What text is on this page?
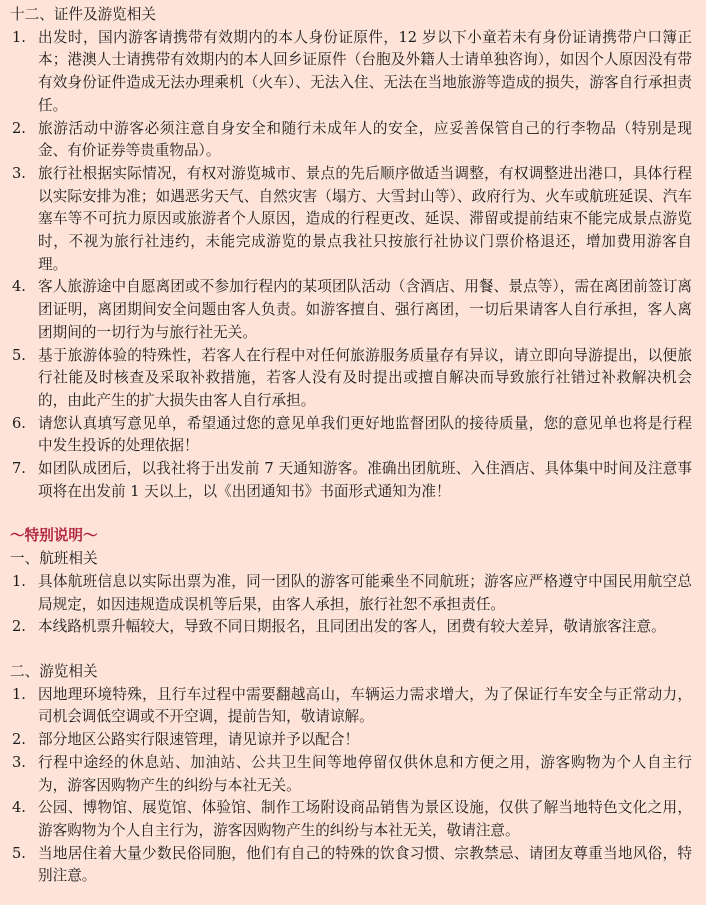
十二、证件及游览相关
1. 出发时，国内游客请携带有效期内的本人身份证原件，12 岁以下小童若未有身份证请携带户口簿正本；港澳人士请携带有效期内的本人回乡证原件（台胞及外籍人士请单独咨询），如因个人原因没有带有效身份证件造成无法办理乘机（火车）、无法入住、无法在当地旅游等造成的损失，游客自行承担责任。
2. 旅游活动中游客必须注意自身安全和随行未成年人的安全，应妥善保管自己的行李物品（特别是现金、有价证券等贵重物品）。
3. 旅行社根据实际情况，有权对游览城市、景点的先后顺序做适当调整，有权调整进出港口，具体行程以实际安排为准；如遇恶劣天气、自然灾害（塌方、大雪封山等）、政府行为、火车或航班延误、汽车塞车等不可抗力原因或旅游者个人原因，造成的行程更改、延误、滞留或提前结束不能完成景点游览时，不视为旅行社违约，未能完成游览的景点我社只按旅行社协议门票价格退还，增加费用游客自理。
4. 客人旅游途中自愿离团或不参加行程内的某项团队活动（含酒店、用餐、景点等），需在离团前签订离团证明，离团期间安全问题由客人负责。如游客擅自、强行离团，一切后果请客人自行承担，客人离团期间的一切行为与旅行社无关。
5. 基于旅游体验的特殊性，若客人在行程中对任何旅游服务质量存有异议，请立即向导游提出，以便旅行社能及时核查及采取补救措施，若客人没有及时提出或擅自解决而导致旅行社错过补救解决机会的，由此产生的扩大损失由客人自行承担。
6. 请您认真填写意见单，希望通过您的意见单我们更好地监督团队的接待质量，您的意见单也将是行程中发生投诉的处理依据！
7. 如团队成团后，以我社将于出发前 7 天通知游客。准确出团航班、入住酒店、具体集中时间及注意事项将在出发前 1 天以上，以《出团通知书》书面形式通知为准！
～特别说明～
一、航班相关
1. 具体航班信息以实际出票为准，同一团队的游客可能乘坐不同航班；游客应严格遵守中国民用航空总局规定，如因违规造成误机等后果，由客人承担，旅行社恕不承担责任。
2. 本线路机票升幅较大，导致不同日期报名，且同团出发的客人，团费有较大差异，敬请旅客注意。
二、游览相关
1. 因地理环境特殊，且行车过程中需要翻越高山，车辆运力需求增大，为了保证行车安全与正常动力，司机会调低空调或不开空调，提前告知，敬请谅解。
2. 部分地区公路实行限速管理，请见谅并予以配合！
3. 行程中途经的休息站、加油站、公共卫生间等地停留仅供休息和方便之用，游客购物为个人自主行为，游客因购物产生的纠纷与本社无关。
4. 公园、博物馆、展览馆、体验馆、制作工场附设商品销售为景区设施，仅供了解当地特色文化之用，游客购物为个人自主行为，游客因购物产生的纠纷与本社无关，敬请注意。
5. 当地居住着大量少数民俗同胞，他们有自己的特殊的饮食习惯、宗教禁忌、请团友尊重当地风俗，特别注意。
